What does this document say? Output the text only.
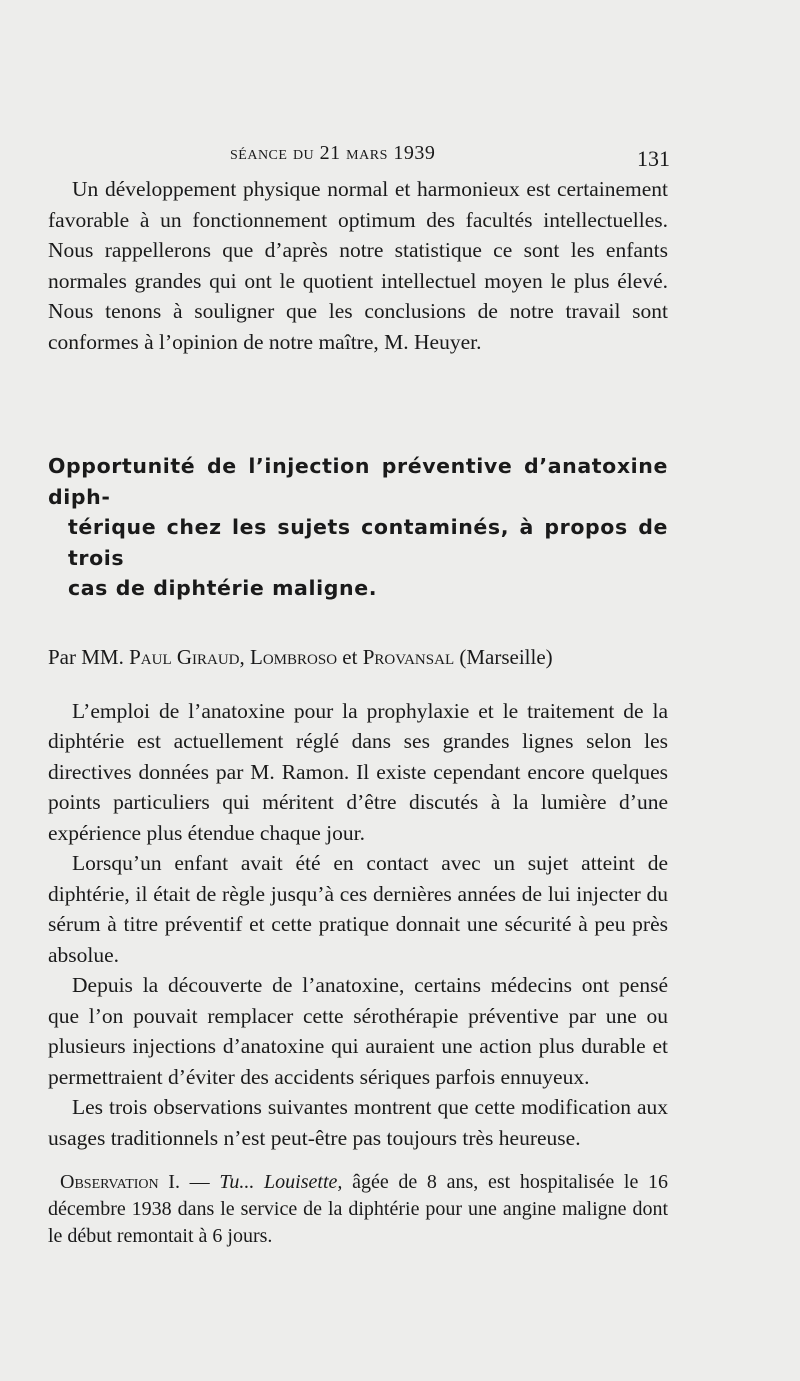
séance du 21 mars 1939	131

Un développement physique normal et harmonieux est certainement favorable à un fonctionnement optimum des facultés intellectuelles. Nous rappellerons que d’après notre statistique ce sont les enfants normales grandes qui ont le quotient intellectuel moyen le plus élevé. Nous tenons à souligner que les conclusions de notre travail sont conformes à l’opinion de notre maître, M. Heuyer.

Opportunité de l’injection préventive d’anatoxine diph-
térique chez les sujets contaminés, à propos de trois
cas de diphtérie maligne.

Par MM. Paul Giraud, Lombroso et Provansal (Marseille)

L’emploi de l’anatoxine pour la prophylaxie et le traitement de la diphtérie est actuellement réglé dans ses grandes lignes selon les directives données par M. Ramon. Il existe cependant encore quelques points particuliers qui méritent d’être discutés à la lumière d’une expérience plus étendue chaque jour.

Lorsqu’un enfant avait été en contact avec un sujet atteint de diphtérie, il était de règle jusqu’à ces dernières années de lui injecter du sérum à titre préventif et cette pratique donnait une sécurité à peu près absolue.

Depuis la découverte de l’anatoxine, certains médecins ont pensé que l’on pouvait remplacer cette sérothérapie préventive par une ou plusieurs injections d’anatoxine qui auraient une action plus durable et permettraient d’éviter des accidents sériques parfois ennuyeux.

Les trois observations suivantes montrent que cette modification aux usages traditionnels n’est peut-être pas toujours très heureuse.

Observation I. — Tu... Louisette, âgée de 8 ans, est hospitalisée le 16 décembre 1938 dans le service de la diphtérie pour une angine maligne dont le début remontait à 6 jours.
